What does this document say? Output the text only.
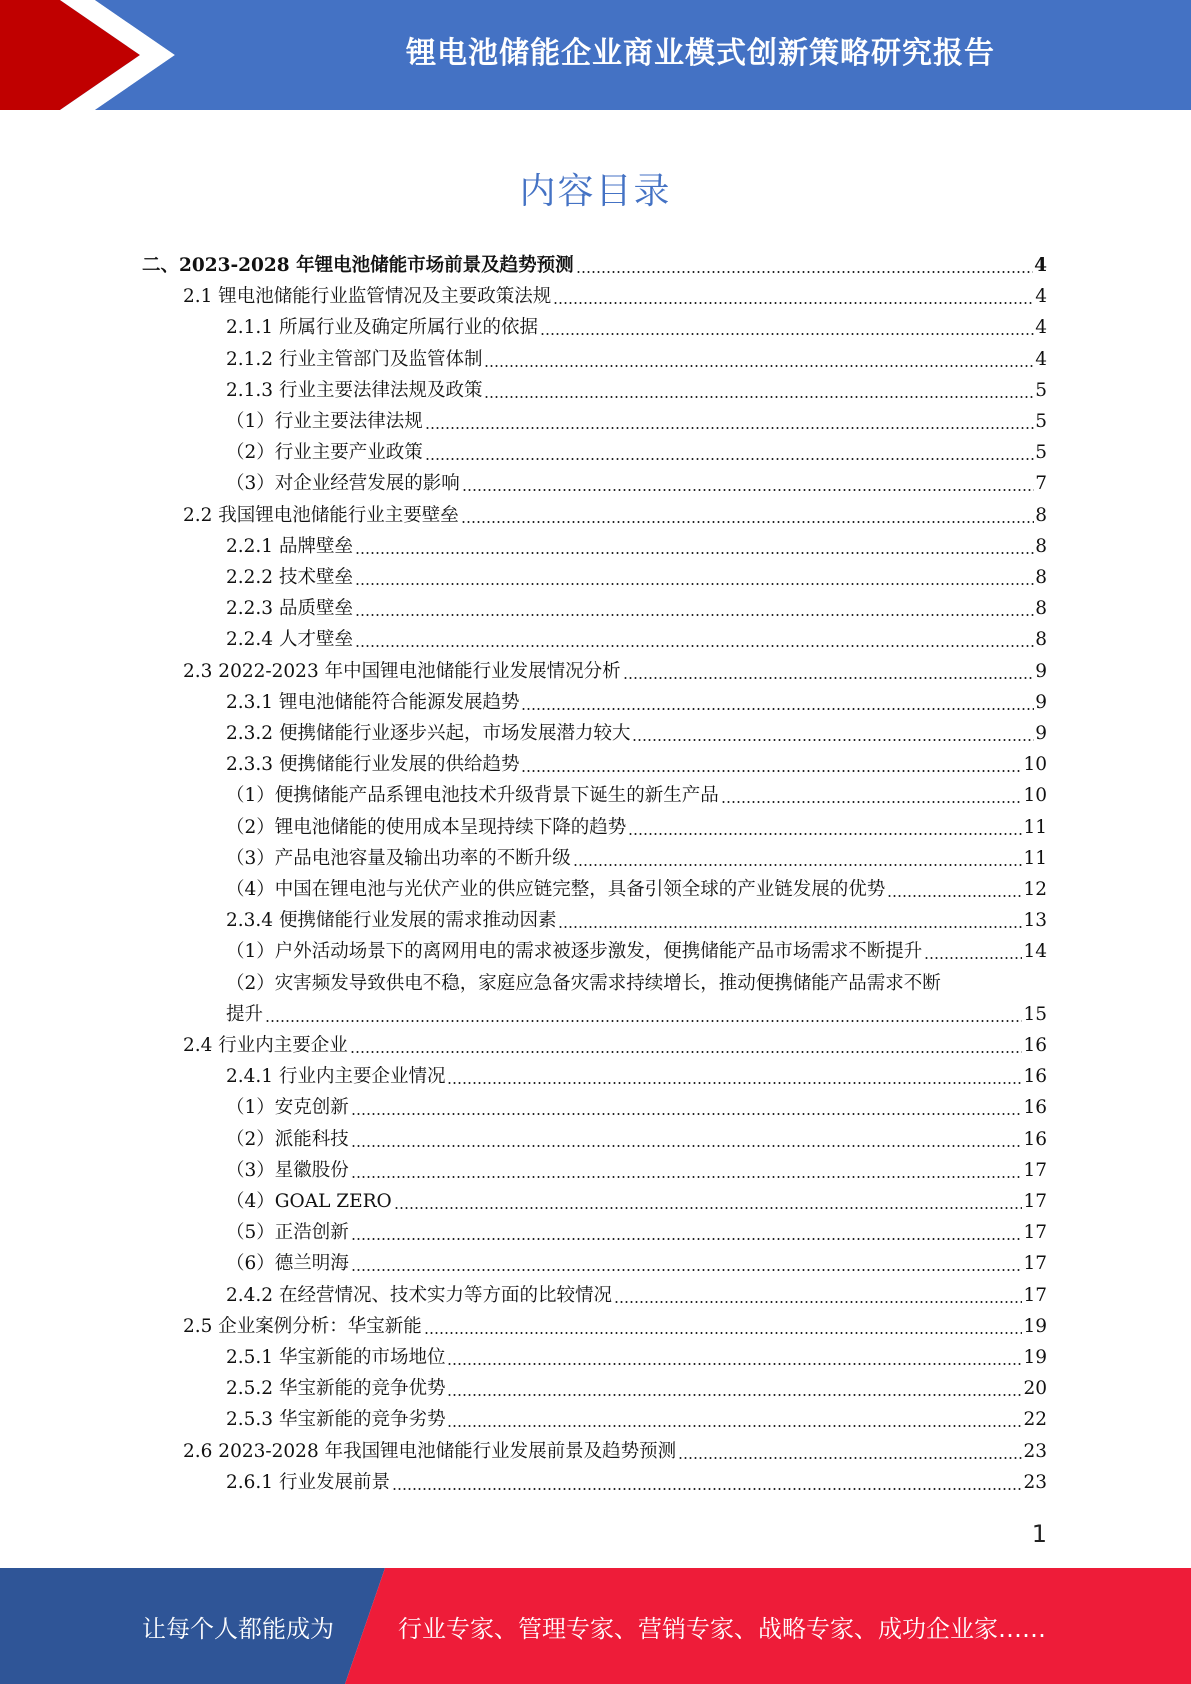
锂电池储能企业商业模式创新策略研究报告
内容目录
二、2023-2028 年锂电池储能市场前景及趋势预测	4
2.1 锂电池储能行业监管情况及主要政策法规	4
2.1.1 所属行业及确定所属行业的依据	4
2.1.2 行业主管部门及监管体制	4
2.1.3 行业主要法律法规及政策	5
（1）行业主要法律法规	5
（2）行业主要产业政策	5
（3）对企业经营发展的影响	7
2.2 我国锂电池储能行业主要壁垒	8
2.2.1 品牌壁垒	8
2.2.2 技术壁垒	8
2.2.3 品质壁垒	8
2.2.4 人才壁垒	8
2.3 2022-2023 年中国锂电池储能行业发展情况分析	9
2.3.1 锂电池储能符合能源发展趋势	9
2.3.2 便携储能行业逐步兴起，市场发展潜力较大	9
2.3.3 便携储能行业发展的供给趋势	10
（1）便携储能产品系锂电池技术升级背景下诞生的新生产品	10
（2）锂电池储能的使用成本呈现持续下降的趋势	11
（3）产品电池容量及输出功率的不断升级	11
（4）中国在锂电池与光伏产业的供应链完整，具备引领全球的产业链发展的优势	12
2.3.4 便携储能行业发展的需求推动因素	13
（1）户外活动场景下的离网用电的需求被逐步激发，便携储能产品市场需求不断提升	14
（2）灾害频发导致供电不稳，家庭应急备灾需求持续增长，推动便携储能产品需求不断
提升	15
2.4 行业内主要企业	16
2.4.1 行业内主要企业情况	16
（1）安克创新	16
（2）派能科技	16
（3）星徽股份	17
（4）GOAL ZERO	17
（5）正浩创新	17
（6）德兰明海	17
2.4.2 在经营情况、技术实力等方面的比较情况	17
2.5 企业案例分析：华宝新能	19
2.5.1 华宝新能的市场地位	19
2.5.2 华宝新能的竞争优势	20
2.5.3 华宝新能的竞争劣势	22
2.6 2023-2028 年我国锂电池储能行业发展前景及趋势预测	23
2.6.1 行业发展前景	23
1
让每个人都能成为	行业专家、管理专家、营销专家、战略专家、成功企业家……
